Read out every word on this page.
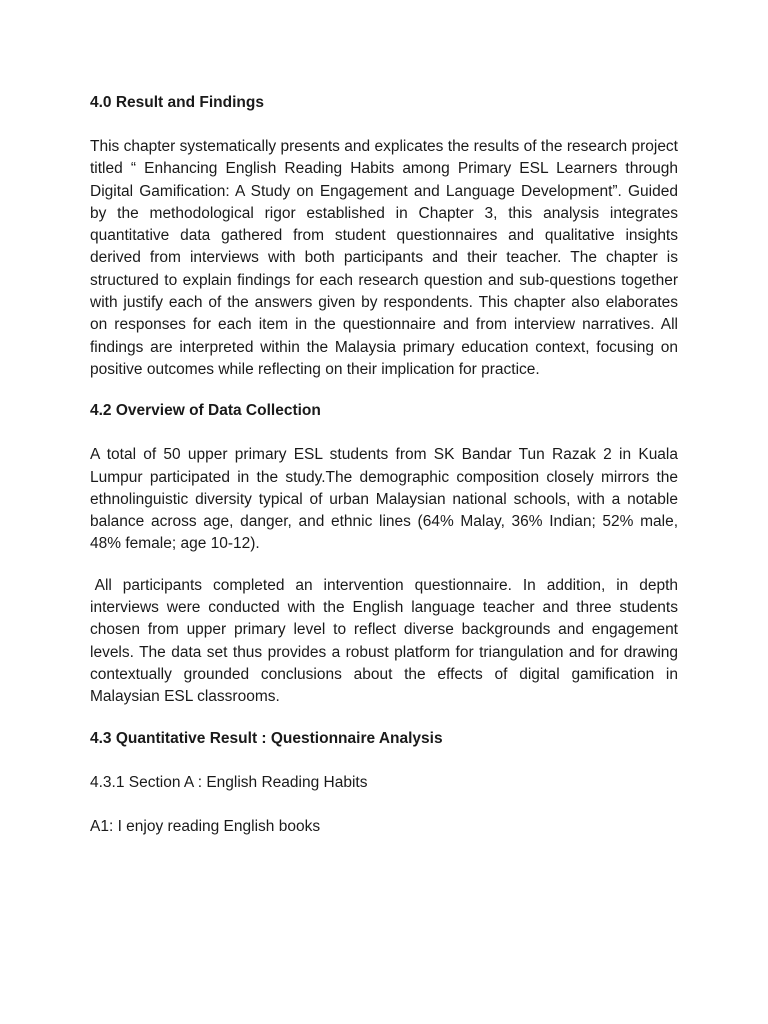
4.0 Result and Findings

This chapter systematically presents and explicates the results of the research project titled “ Enhancing English Reading Habits among Primary ESL Learners through Digital Gamification: A Study on Engagement and Language Development”. Guided by the methodological rigor established in Chapter 3, this analysis integrates quantitative data gathered from student questionnaires and qualitative insights derived from interviews with both participants and their teacher. The chapter is structured to explain findings for each research question and sub-questions together with justify each of the answers given by respondents. This chapter also elaborates on responses for each item in the questionnaire and from interview narratives. All findings are interpreted within the Malaysia primary education context, focusing on positive outcomes while reflecting on their implication for practice.

4.2 Overview of Data Collection

A total of 50 upper primary ESL students from SK Bandar Tun Razak 2 in Kuala Lumpur participated in the study.The demographic composition closely mirrors the ethnolinguistic diversity typical of urban Malaysian national schools, with a notable balance across age, danger, and ethnic lines (64% Malay, 36% Indian; 52% male, 48% female; age 10-12).

All participants completed an intervention questionnaire. In addition, in depth interviews were conducted with the English language teacher and three students chosen from upper primary level to reflect diverse backgrounds and engagement levels. The data set thus provides a robust platform for triangulation and for drawing contextually grounded conclusions about the effects of digital gamification in Malaysian ESL classrooms.

4.3 Quantitative Result : Questionnaire Analysis

4.3.1 Section A : English Reading Habits

A1: I enjoy reading English books
